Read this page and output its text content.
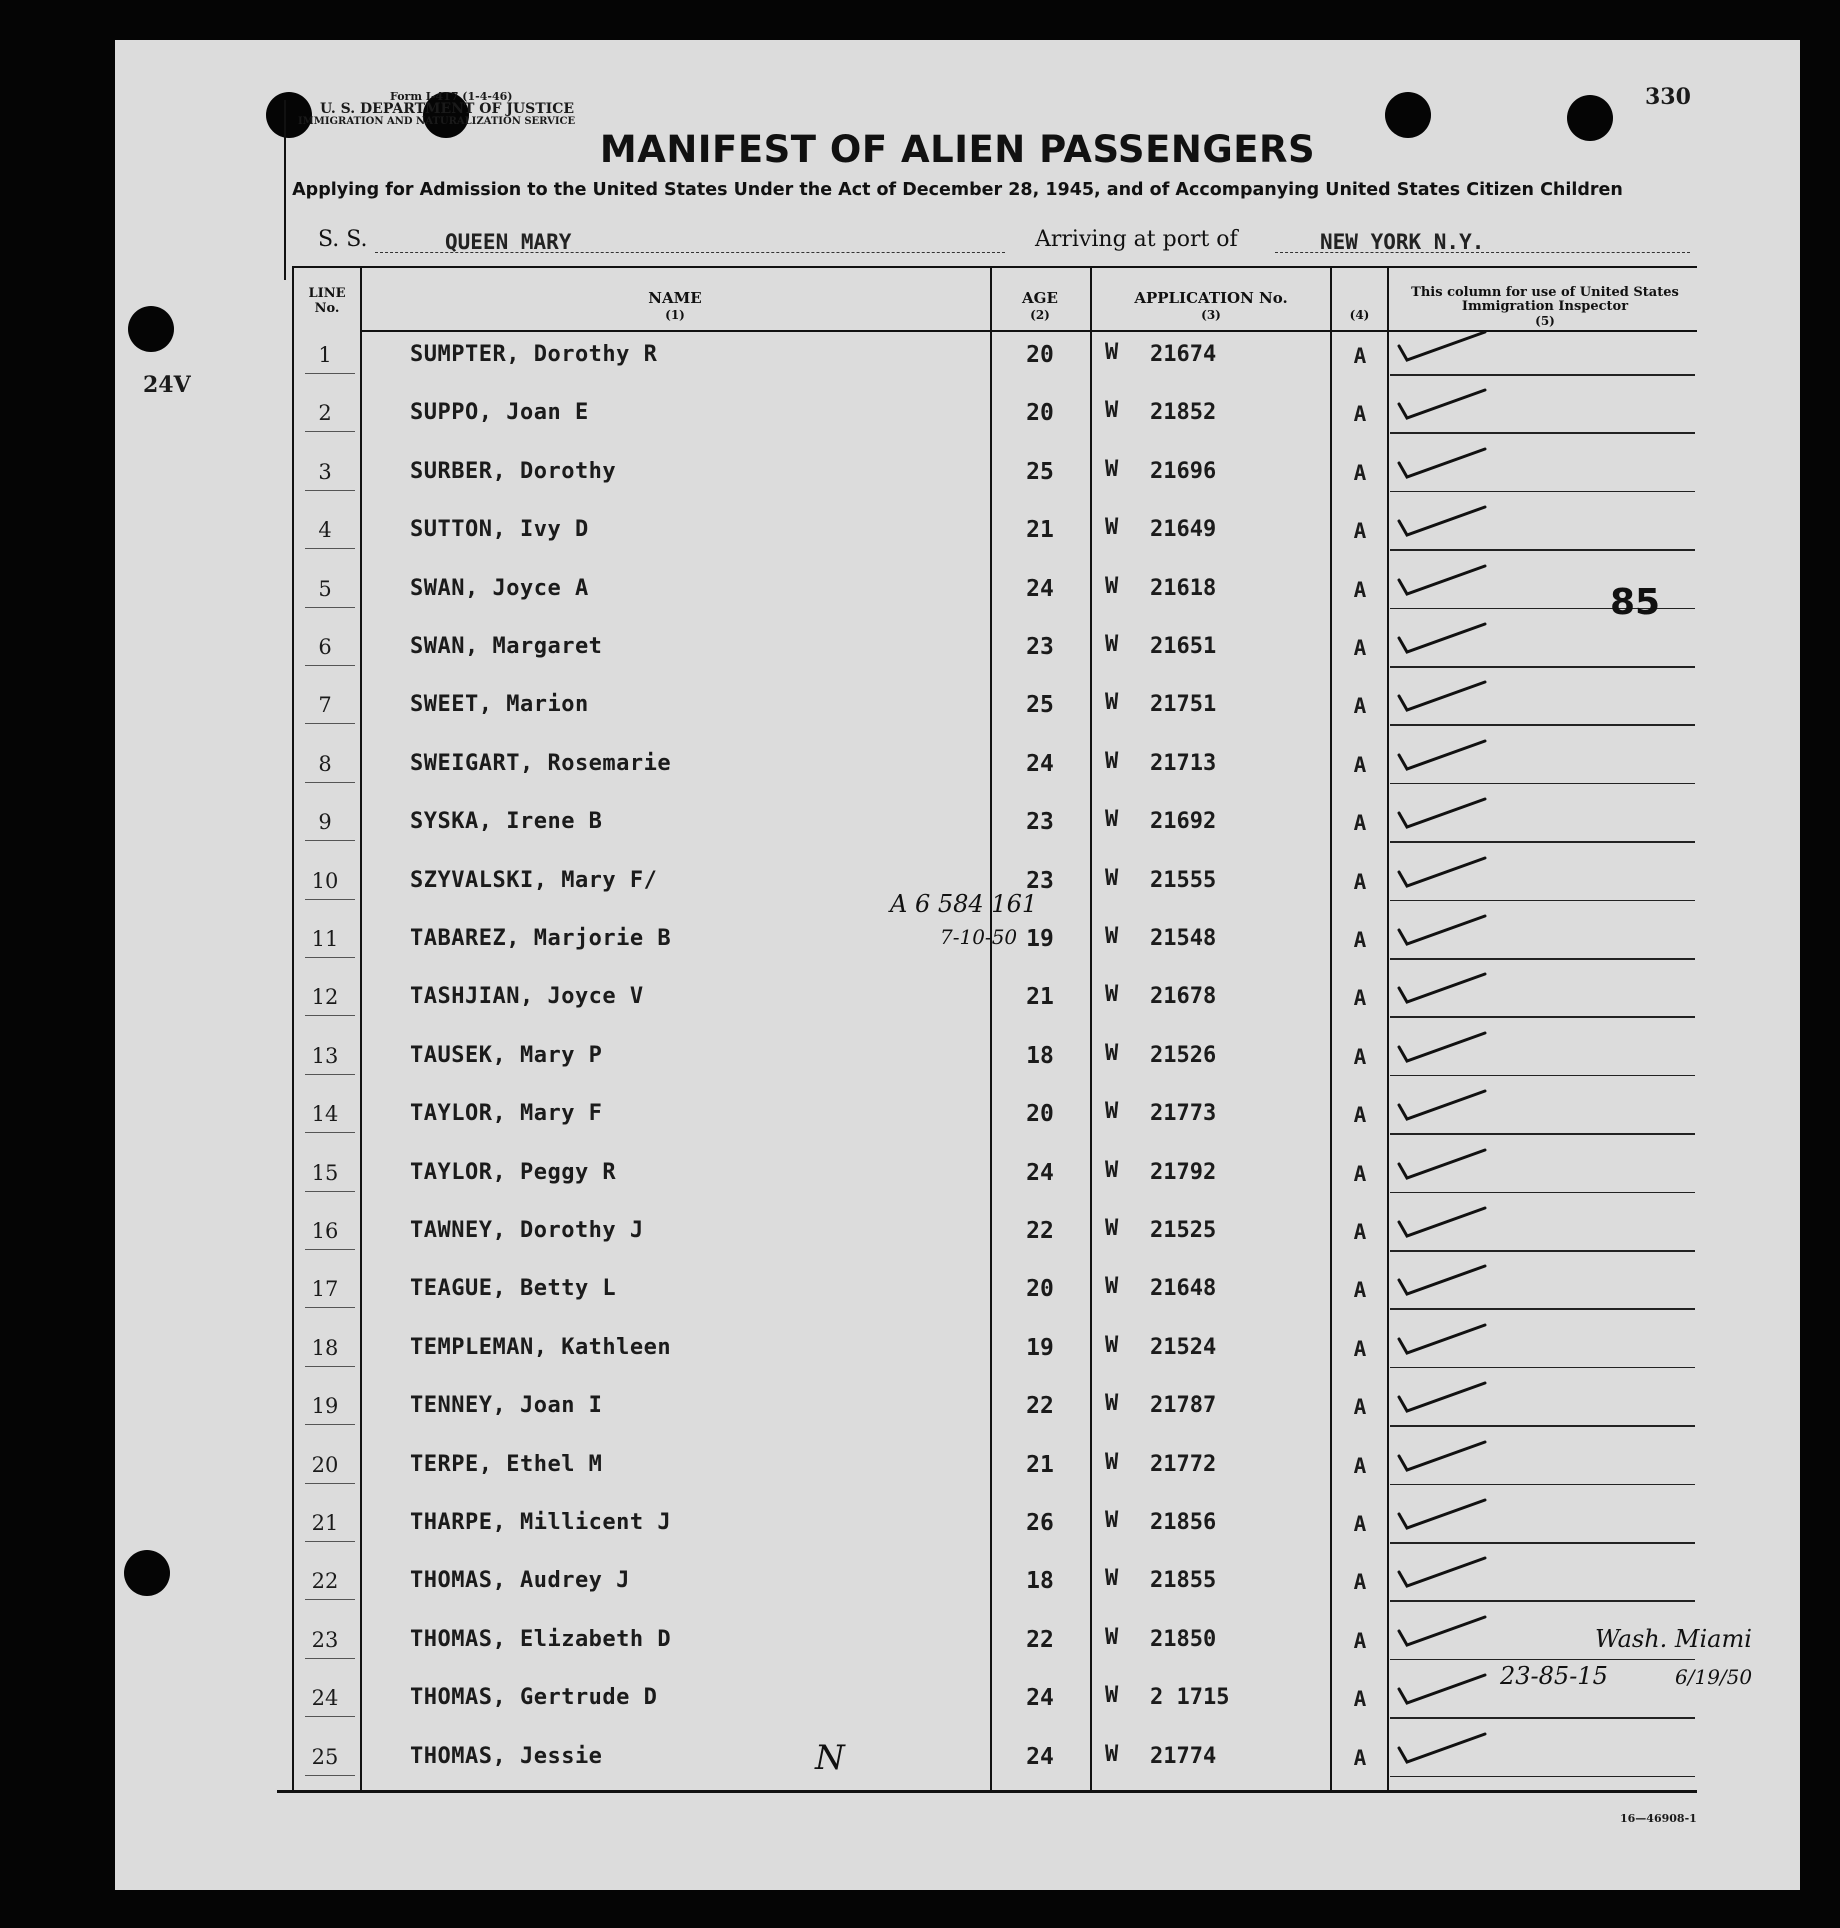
Form I-417 (1-4-46)
U. S. DEPARTMENT OF JUSTICE
IMMIGRATION AND NATURALIZATION SERVICE
330
24V
MANIFEST OF ALIEN PASSENGERS
Applying for Admission to the United States Under the Act of December 28, 1945, and of Accompanying United States Citizen Children
S. S.	QUEEN MARY	Arriving at port of	NEW YORK N.Y.
LINE No.
NAME
(1)
AGE
(2)
APPLICATION No.
(3)	(4)
This column for use of United States Immigration Inspector
(5)
1	SUMPTER, Dorothy R	20	W 21674	A
2	SUPPO, Joan E	20	W 21852	A
3	SURBER, Dorothy	25	W 21696	A
4	SUTTON, Ivy D	21	W 21649	A
5	SWAN, Joyce A	24	W 21618	A
6	SWAN, Margaret	23	W 21651	A
7	SWEET, Marion	25	W 21751	A
8	SWEIGART, Rosemarie	24	W 21713	A
9	SYSKA, Irene B	23	W 21692	A
10	SZYVALSKI, Mary F/	23	W 21555	A
11	TABAREZ, Marjorie B	19	W 21548	A
12	TASHJIAN, Joyce V	21	W 21678	A
13	TAUSEK, Mary P	18	W 21526	A
14	TAYLOR, Mary F	20	W 21773	A
15	TAYLOR, Peggy R	24	W 21792	A
16	TAWNEY, Dorothy J	22	W 21525	A
17	TEAGUE, Betty L	20	W 21648	A
18	TEMPLEMAN, Kathleen	19	W 21524	A
19	TENNEY, Joan I	22	W 21787	A
20	TERPE, Ethel M	21	W 21772	A
21	THARPE, Millicent J	26	W 21856	A
22	THOMAS, Audrey J	18	W 21855	A
23	THOMAS, Elizabeth D	22	W 21850	A
24	THOMAS, Gertrude D	24	W 2 1715	A
25	THOMAS, Jessie	24	W 21774	A
85
A 6 584 161
7-10-50
Wash. Miami
23-85-15	6/19/50
N
16—46908-1
